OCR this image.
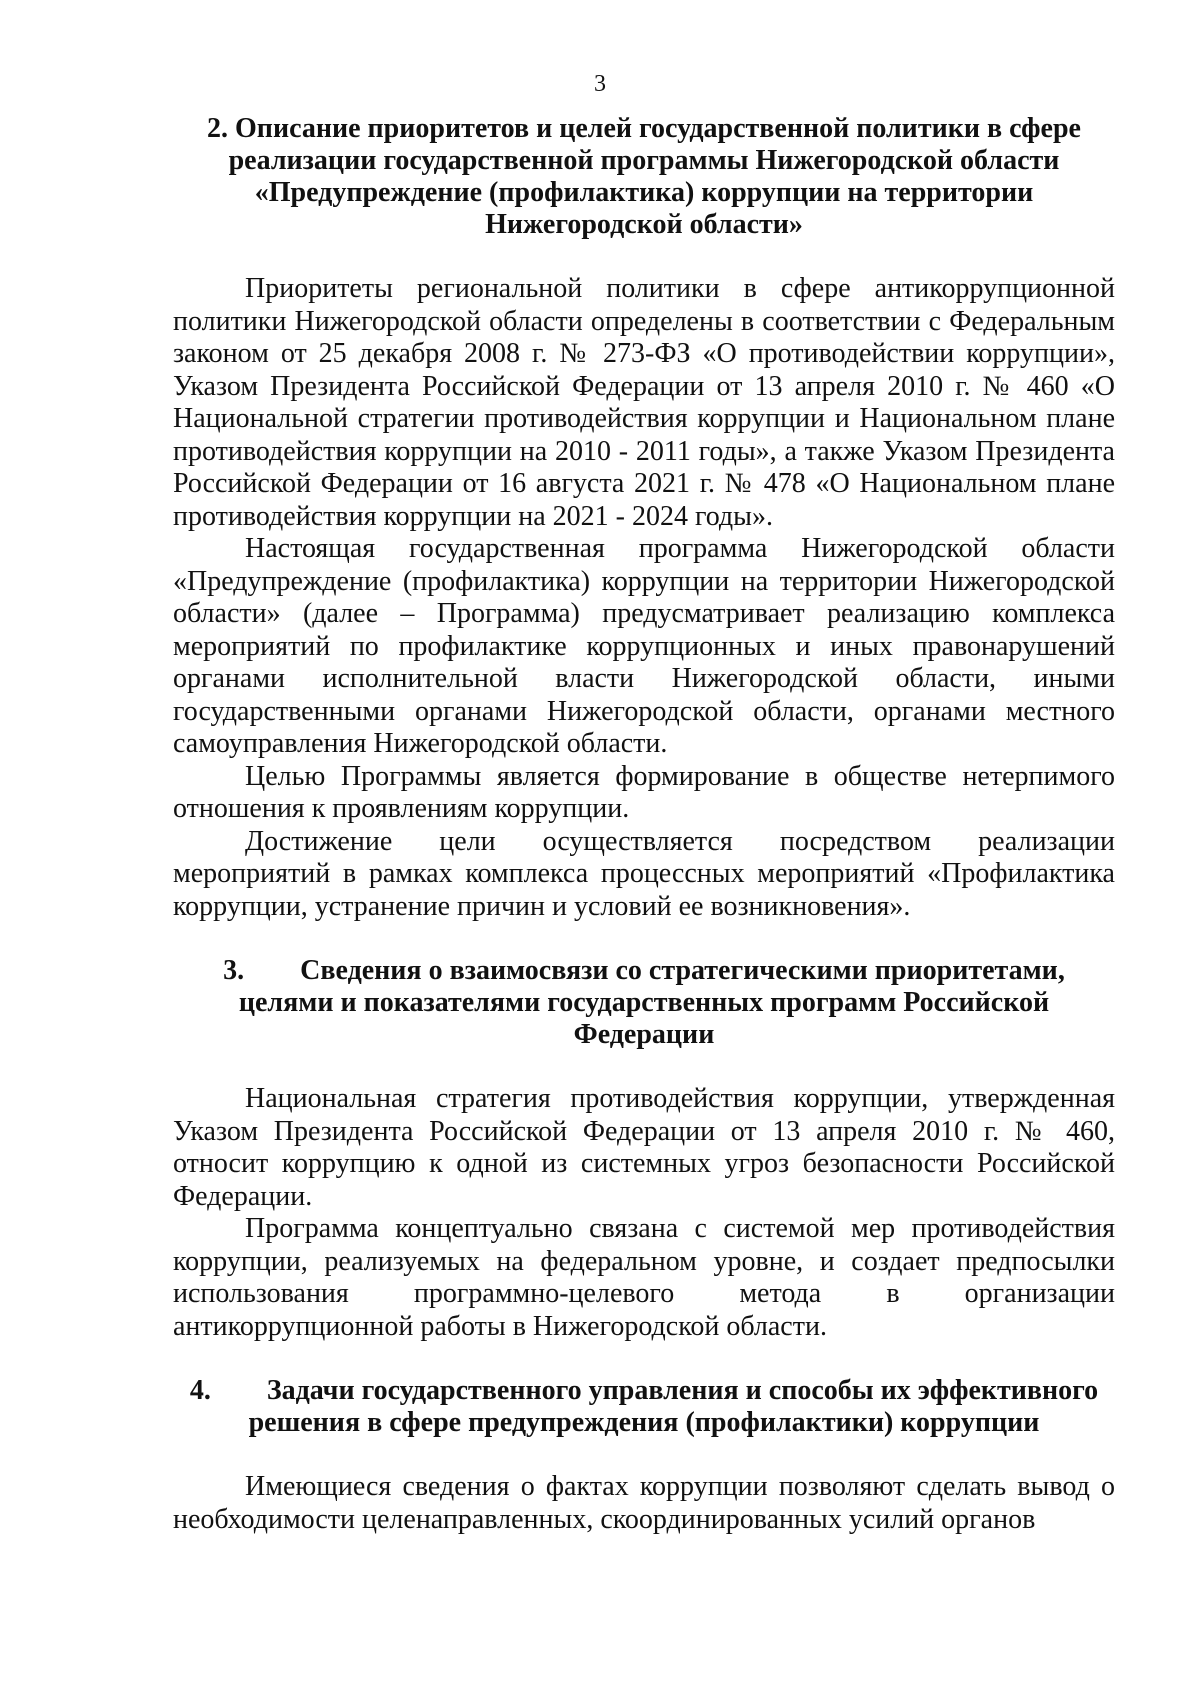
3

2. Описание приоритетов и целей государственной политики в сфере
реализации государственной программы Нижегородской области
«Предупреждение (профилактика) коррупции на территории
Нижегородской области»

Приоритеты региональной политики в сфере антикоррупционной политики Нижегородской области определены в соответствии с Федеральным законом от 25 декабря 2008 г. № 273-ФЗ «О противодействии коррупции», Указом Президента Российской Федерации от 13 апреля 2010 г. № 460 «О Национальной стратегии противодействия коррупции и Национальном плане противодействия коррупции на 2010 - 2011 годы», а также Указом Президента Российской Федерации от 16 августа 2021 г. № 478 «О Национальном плане противодействия коррупции на 2021 - 2024 годы».

Настоящая государственная программа Нижегородской области «Предупреждение (профилактика) коррупции на территории Нижегородской области» (далее – Программа) предусматривает реализацию комплекса мероприятий по профилактике коррупционных и иных правонарушений органами исполнительной власти Нижегородской области, иными государственными органами Нижегородской области, органами местного самоуправления Нижегородской области.

Целью Программы является формирование в обществе нетерпимого отношения к проявлениям коррупции.

Достижение цели осуществляется посредством реализации мероприятий в рамках комплекса процессных мероприятий «Профилактика коррупции, устранение причин и условий ее возникновения».

3. Сведения о взаимосвязи со стратегическими приоритетами,
целями и показателями государственных программ Российской
Федерации

Национальная стратегия противодействия коррупции, утвержденная Указом Президента Российской Федерации от 13 апреля 2010 г. № 460, относит коррупцию к одной из системных угроз безопасности Российской Федерации.

Программа концептуально связана с системой мер противодействия коррупции, реализуемых на федеральном уровне, и создает предпосылки использования программно-целевого метода в организации антикоррупционной работы в Нижегородской области.

4. Задачи государственного управления и способы их эффективного
решения в сфере предупреждения (профилактики) коррупции

Имеющиеся сведения о фактах коррупции позволяют сделать вывод о необходимости целенаправленных, скоординированных усилий органов
